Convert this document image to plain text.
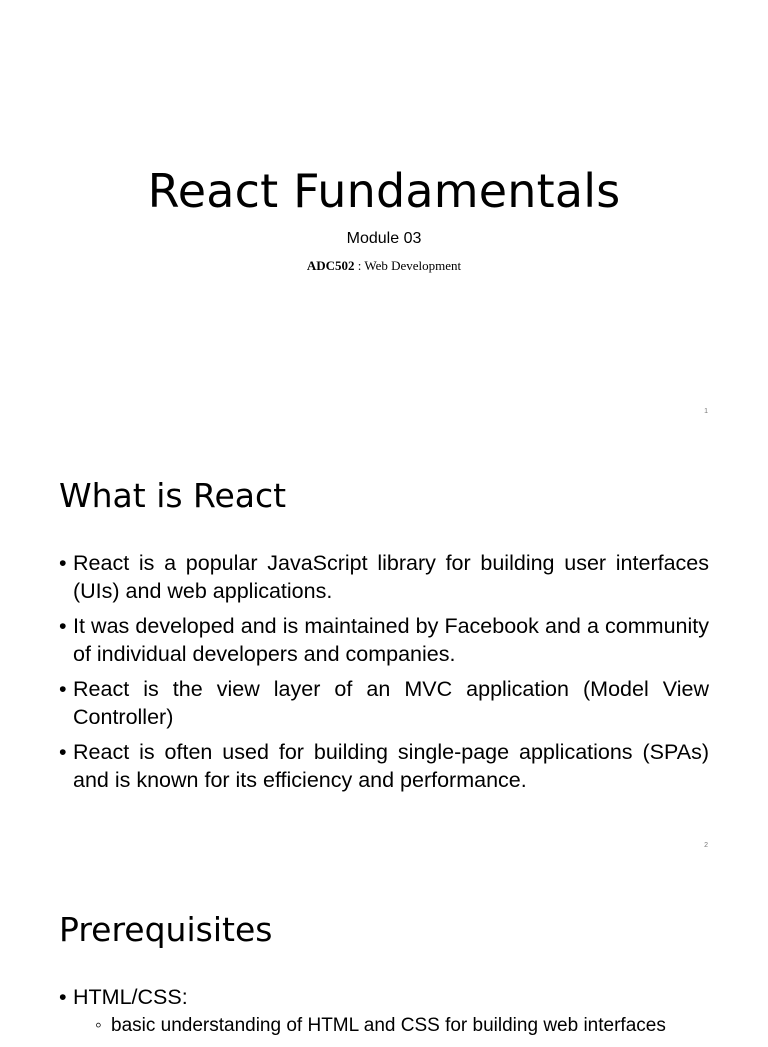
React Fundamentals
Module 03
ADC502 : Web Development
1
What is React
• React is a popular JavaScript library for building user interfaces (UIs) and web applications.
• It was developed and is maintained by Facebook and a community of individual developers and companies.
• React is the view layer of an MVC application (Model View Controller)
• React is often used for building single-page applications (SPAs) and is known for its efficiency and performance.
2
Prerequisites
• HTML/CSS:
◦ basic understanding of HTML and CSS for building web interfaces
